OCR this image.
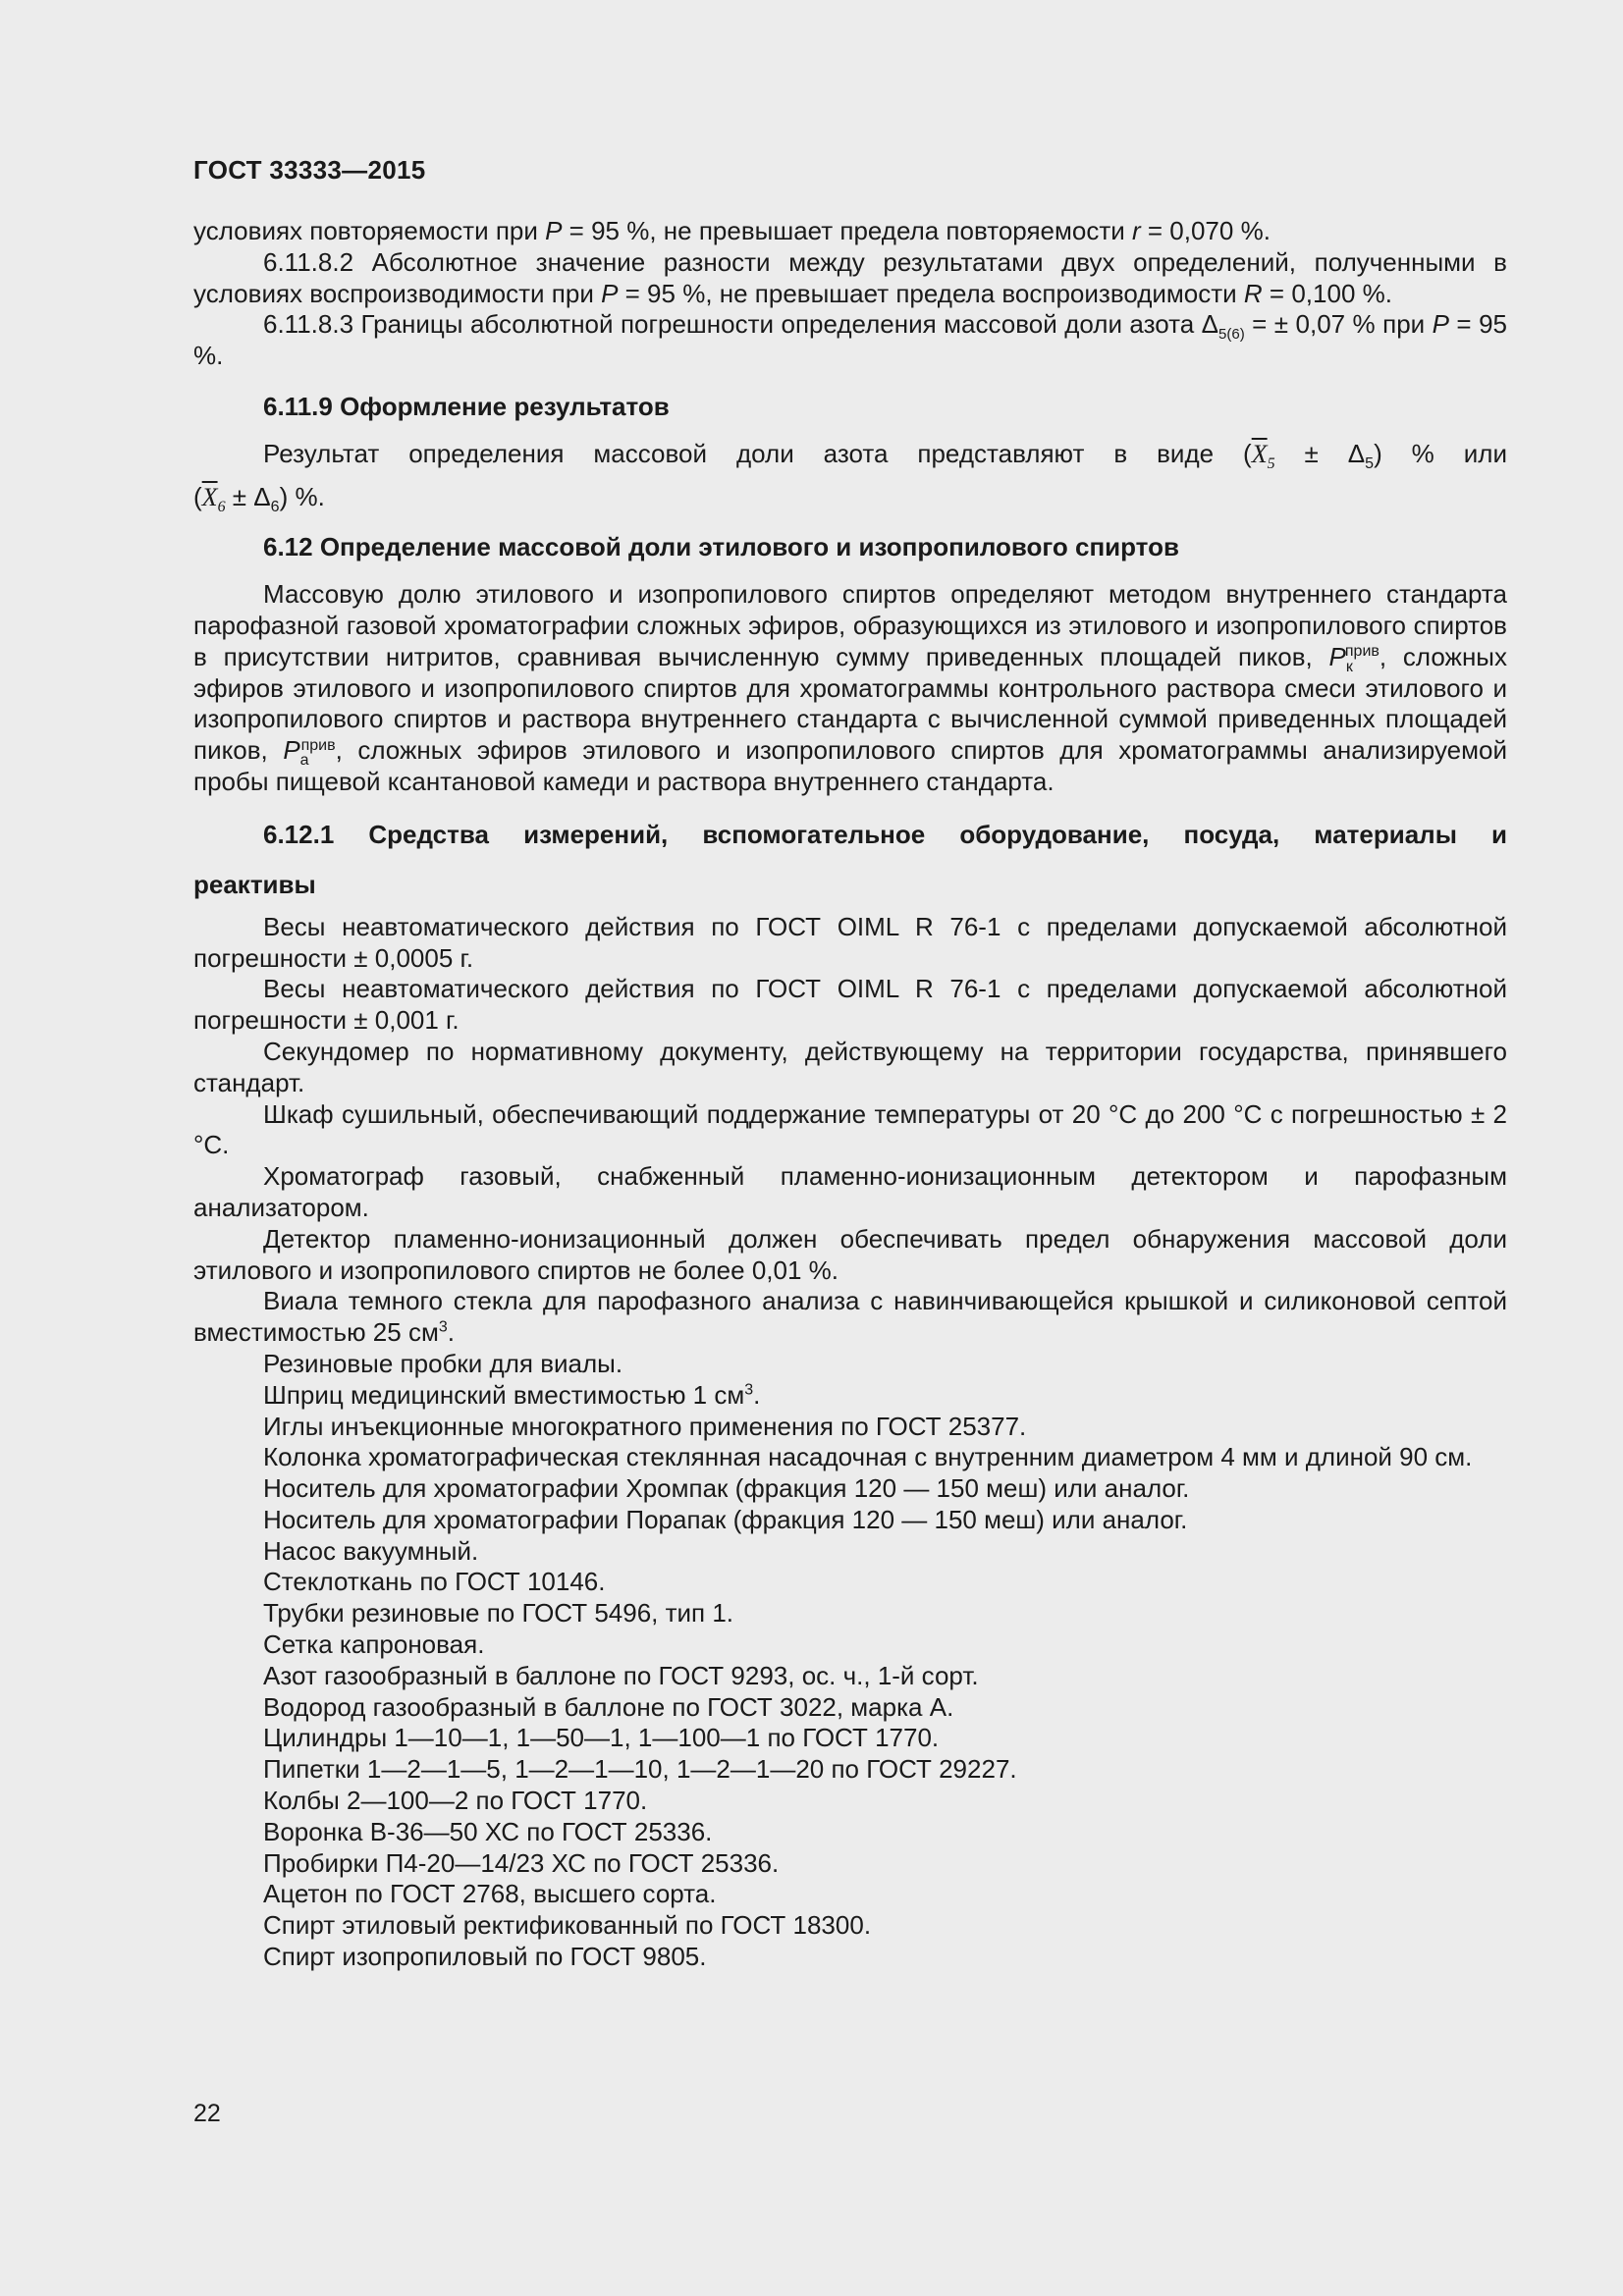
ГОСТ 33333—2015

условиях повторяемости при P = 95 %, не превышает предела повторяемости r = 0,070 %.

6.11.8.2 Абсолютное значение разности между результатами двух определений, полученными в условиях воспроизводимости при P = 95 %, не превышает предела воспроизводимости R = 0,100 %.

6.11.8.3 Границы абсолютной погрешности определения массовой доли азота $\Delta_{5(6)}$ = ± 0,07 % при P = 95 %.

6.11.9 Оформление результатов

Результат определения массовой доли азота представляют в виде $(\overline{X}_5 \pm \Delta_5)$ % или

$(\overline{X}_6 \pm \Delta_6)$ %.

6.12 Определение массовой доли этилового и изопропилового спиртов

Массовую долю этилового и изопропилового спиртов определяют методом внутреннего стандарта парофазной газовой хроматографии сложных эфиров, образующихся из этилового и изопропилового спиртов в присутствии нитритов, сравнивая вычисленную сумму приведенных площадей пиков, $P_к^{прив}$, сложных эфиров этилового и изопропилового спиртов для хроматограммы контрольного раствора смеси этилового и изопропилового спиртов и раствора внутреннего стандарта с вычисленной суммой приведенных площадей пиков, $P_а^{прив}$, сложных эфиров этилового и изопропилового спиртов для хроматограммы анализируемой пробы пищевой ксантановой камеди и раствора внутреннего стандарта.

6.12.1 Средства измерений, вспомогательное оборудование, посуда, материалы и

реактивы

Весы неавтоматического действия по ГОСТ OIML R 76-1 с пределами допускаемой абсолютной погрешности ± 0,0005 г.

Весы неавтоматического действия по ГОСТ OIML R 76-1 с пределами допускаемой абсолютной погрешности ± 0,001 г.

Секундомер по нормативному документу, действующему на территории государства, принявшего стандарт.

Шкаф сушильный, обеспечивающий поддержание температуры от 20 °С до 200 °С с погрешностью ± 2 °С.

Хроматограф газовый, снабженный пламенно-ионизационным детектором и парофазным анализатором.

Детектор пламенно-ионизационный должен обеспечивать предел обнаружения массовой доли этилового и изопропилового спиртов не более 0,01 %.

Виала темного стекла для парофазного анализа с навинчивающейся крышкой и силиконовой септой вместимостью 25 $см^3$.

Резиновые пробки для виалы.

Шприц медицинский вместимостью 1 $см^3$.

Иглы инъекционные многократного применения по ГОСТ 25377.

Колонка хроматографическая стеклянная насадочная с внутренним диаметром 4 мм и длиной 90 см.

Носитель для хроматографии Хромпак (фракция 120 — 150 меш) или аналог.

Носитель для хроматографии Порапак (фракция 120 — 150 меш) или аналог.

Насос вакуумный.

Стеклоткань по ГОСТ 10146.

Трубки резиновые по ГОСТ 5496, тип 1.

Сетка капроновая.

Азот газообразный в баллоне по ГОСТ 9293, ос. ч., 1-й сорт.

Водород газообразный в баллоне по ГОСТ 3022, марка А.

Цилиндры 1—10—1, 1—50—1, 1—100—1 по ГОСТ 1770.

Пипетки 1—2—1—5, 1—2—1—10, 1—2—1—20 по ГОСТ 29227.

Колбы 2—100—2 по ГОСТ 1770.

Воронка В-36—50 ХС по ГОСТ 25336.

Пробирки П4-20—14/23 ХС по ГОСТ 25336.

Ацетон по ГОСТ 2768, высшего сорта.

Спирт этиловый ректификованный по ГОСТ 18300.

Спирт изопропиловый по ГОСТ 9805.

22
